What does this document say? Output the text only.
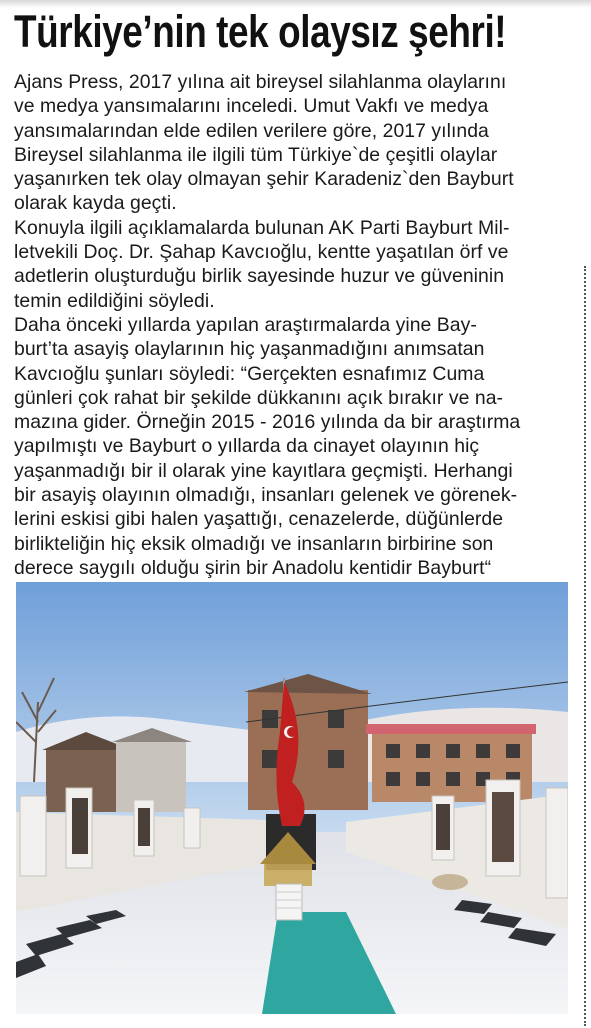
Türkiye’nin tek olaysız şehri!

Ajans Press, 2017 yılına ait bireysel silahlanma olaylarını
ve medya yansımalarını inceledi. Umut Vakfı ve medya
yansımalarından elde edilen verilere göre, 2017 yılında
Bireysel silahlanma ile ilgili tüm Türkiye`de çeşitli olaylar
yaşanırken tek olay olmayan şehir Karadeniz`den Bayburt
olarak kayda geçti.

Konuyla ilgili açıklamalarda bulunan AK Parti Bayburt Mil-
letvekili Doç. Dr. Şahap Kavcıoğlu, kentte yaşatılan örf ve
adetlerin oluşturduğu birlik sayesinde huzur ve güveninin
temin edildiğini söyledi.

Daha önceki yıllarda yapılan araştırmalarda yine Bay-
burt’ta asayiş olaylarının hiç yaşanmadığını anımsatan
Kavcıoğlu şunları söyledi: “Gerçekten esnafımız Cuma
günleri çok rahat bir şekilde dükkanını açık bırakır ve na-
mazına gider. Örneğin 2015 - 2016 yılında da bir araştırma
yapılmıştı ve Bayburt o yıllarda da cinayet olayının hiç
yaşanmadığı bir il olarak yine kayıtlara geçmişti. Herhangi
bir asayiş olayının olmadığı, insanları gelenek ve görenek-
lerini eskisi gibi halen yaşattığı, cenazelerde, düğünlerde
birlikteliğin hiç eksik olmadığı ve insanların birbirine son
derece saygılı olduğu şirin bir Anadolu kentidir Bayburt“
